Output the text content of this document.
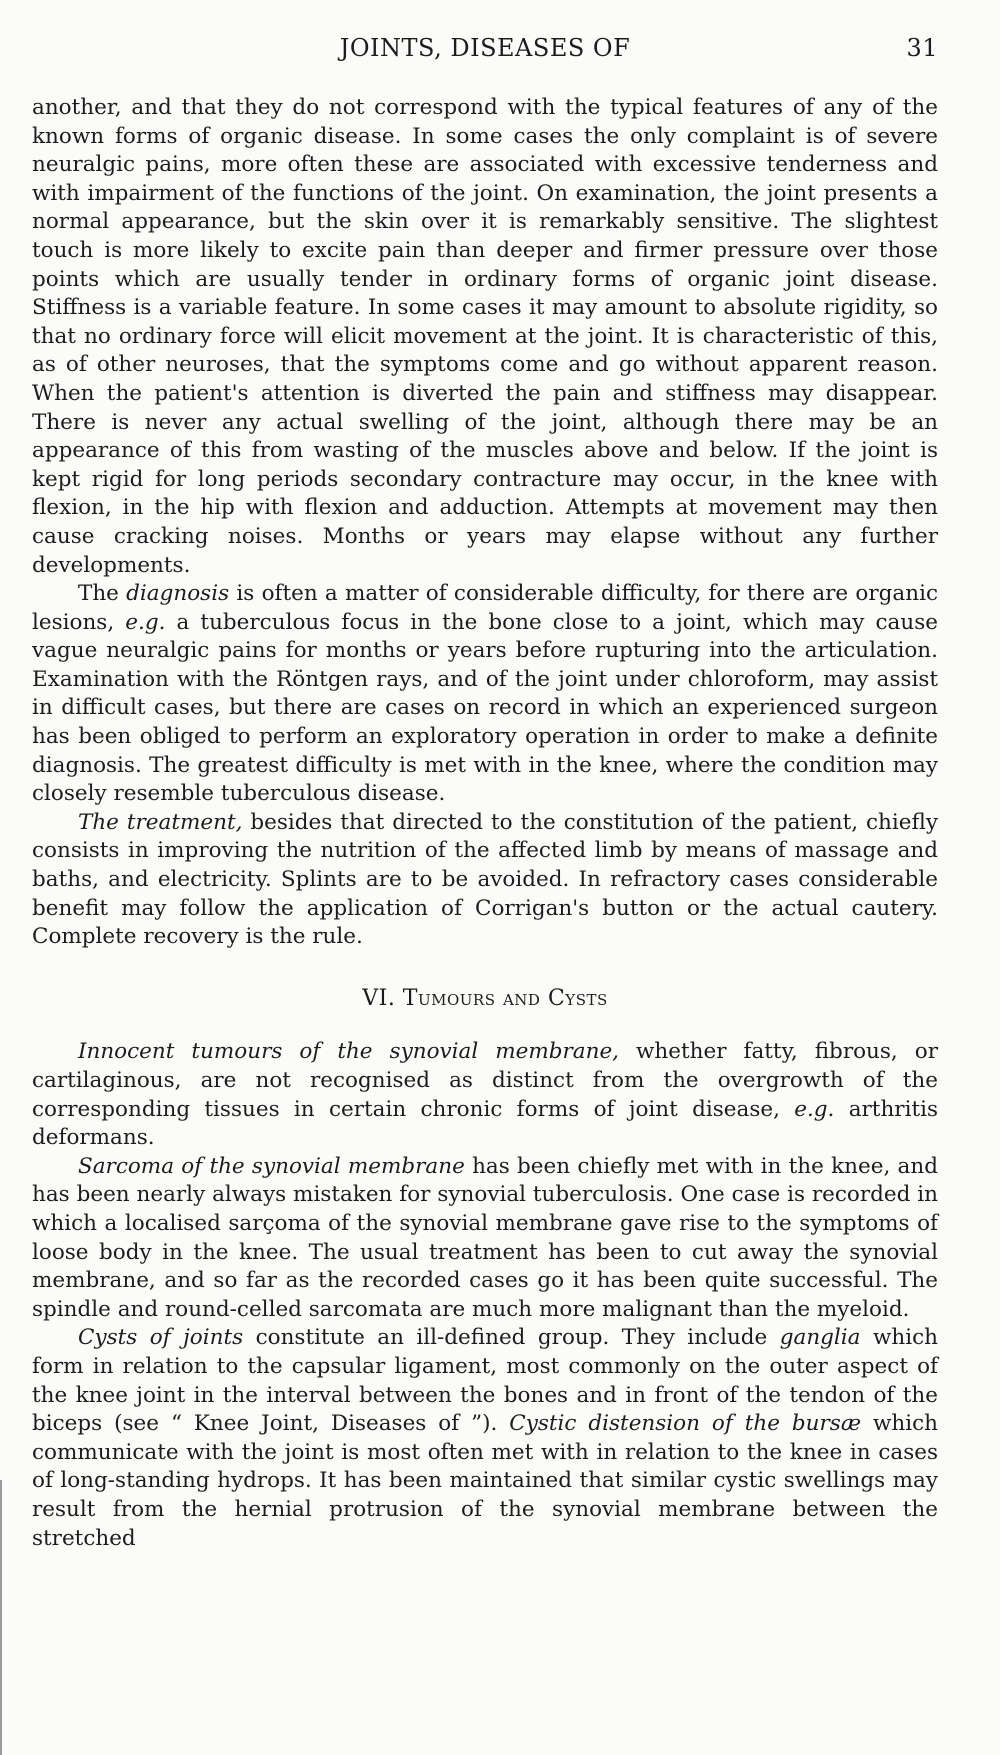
JOINTS, DISEASES OF	31

another, and that they do not correspond with the typical features of any of the known forms of organic disease. In some cases the only complaint is of severe neuralgic pains, more often these are associated with excessive tenderness and with impairment of the functions of the joint. On examination, the joint presents a normal appearance, but the skin over it is remarkably sensitive. The slightest touch is more likely to excite pain than deeper and firmer pressure over those points which are usually tender in ordinary forms of organic joint disease. Stiffness is a variable feature. In some cases it may amount to absolute rigidity, so that no ordinary force will elicit movement at the joint. It is characteristic of this, as of other neuroses, that the symptoms come and go without apparent reason. When the patient's attention is diverted the pain and stiffness may disappear. There is never any actual swelling of the joint, although there may be an appearance of this from wasting of the muscles above and below. If the joint is kept rigid for long periods secondary contracture may occur, in the knee with flexion, in the hip with flexion and adduction. Attempts at movement may then cause cracking noises. Months or years may elapse without any further developments.

The diagnosis is often a matter of considerable difficulty, for there are organic lesions, e.g. a tuberculous focus in the bone close to a joint, which may cause vague neuralgic pains for months or years before rupturing into the articulation. Examination with the Röntgen rays, and of the joint under chloroform, may assist in difficult cases, but there are cases on record in which an experienced surgeon has been obliged to perform an exploratory operation in order to make a definite diagnosis. The greatest difficulty is met with in the knee, where the condition may closely resemble tuberculous disease.

The treatment, besides that directed to the constitution of the patient, chiefly consists in improving the nutrition of the affected limb by means of massage and baths, and electricity. Splints are to be avoided. In refractory cases considerable benefit may follow the application of Corrigan's button or the actual cautery. Complete recovery is the rule.

VI. Tumours and Cysts

Innocent tumours of the synovial membrane, whether fatty, fibrous, or cartilaginous, are not recognised as distinct from the overgrowth of the corresponding tissues in certain chronic forms of joint disease, e.g. arthritis deformans.

Sarcoma of the synovial membrane has been chiefly met with in the knee, and has been nearly always mistaken for synovial tuberculosis. One case is recorded in which a localised sarçoma of the synovial membrane gave rise to the symptoms of loose body in the knee. The usual treatment has been to cut away the synovial membrane, and so far as the recorded cases go it has been quite successful. The spindle and round-celled sarcomata are much more malignant than the myeloid.

Cysts of joints constitute an ill-defined group. They include ganglia which form in relation to the capsular ligament, most commonly on the outer aspect of the knee joint in the interval between the bones and in front of the tendon of the biceps (see “ Knee Joint, Diseases of ”). Cystic distension of the bursæ which communicate with the joint is most often met with in relation to the knee in cases of long-standing hydrops. It has been maintained that similar cystic swellings may result from the hernial protrusion of the synovial membrane between the stretched
